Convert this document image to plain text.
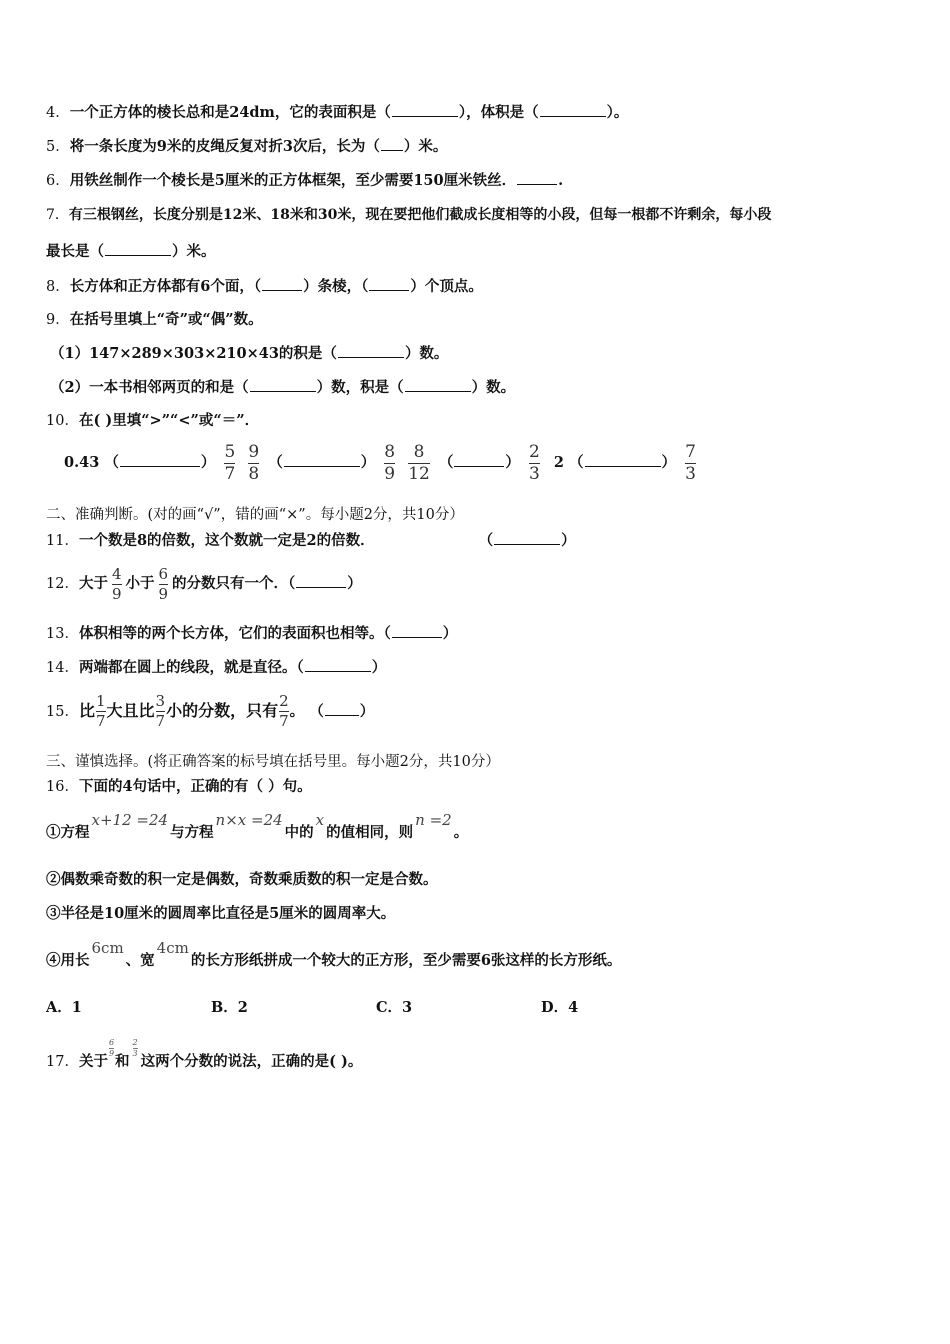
4．一个正方体的棱长总和是24dm，它的表面积是（	），体积是（	）。
5．将一条长度为9米的皮绳反复对折3次后，长为（ ）米。
6．用铁丝制作一个棱长是5厘米的正方体框架，至少需要150厘米铁丝．	.
7．有三根钢丝，长度分别是12米、18米和30米，现在要把他们截成长度相等的小段，但每一根都不许剩余，每小段
最长是（	）米。
8．长方体和正方体都有6个面，（	）条棱，（	）个顶点。
9．在括号里填上“奇”或“偶”数。
（1）147×289×303×210×43的积是（	）数。
（2）一本书相邻两页的和是（	）数，积是（	）数。
10．在( )里填“>”“<”或“＝”．
0.43 （	） $\frac{5}{7}$
$\frac{9}{8}$ （	） $\frac{8}{9}$
$\frac{8}{12}$ （	） $\frac{2}{3} 2$ （	） $\frac{7}{3}$
二、准确判断。(对的画“√”，错的画“×”。每小题2分，共10分）
11．一个数是8的倍数，这个数就一定是2的倍数．	（	）
12．大于 $\frac{4}{9}$ 小于 $\frac{6}{9}$ 的分数只有一个．（	）
13．体积相等的两个长方体，它们的表面积也相等。（	）
14．两端都在圆上的线段，就是直径。（	）
15．比 $\frac{1}{7}$ 大且比 $\frac{3}{7}$ 小的分数，只有 $\frac{2}{7}$ 。 （ ）
三、谨慎选择。(将正确答案的标号填在括号里。每小题2分，共10分）
16．下面的4句话中，正确的有（ ）句。
①方程x+12 =24与方程n×x =24中的x的值相同，则n =2。
②偶数乘奇数的积一定是偶数，奇数乘质数的积一定是合数。
③半径是10厘米的圆周率比直径是5厘米的圆周率大。
④用长6cm、宽4cm的长方形纸拼成一个较大的正方形，至少需要6张这样的长方形纸。
A．1	B．2	C．3	D．4
17．关于
$\frac{6}{9}$
和
$\frac{2}{3}$
这两个分数的说法，正确的是( )。
